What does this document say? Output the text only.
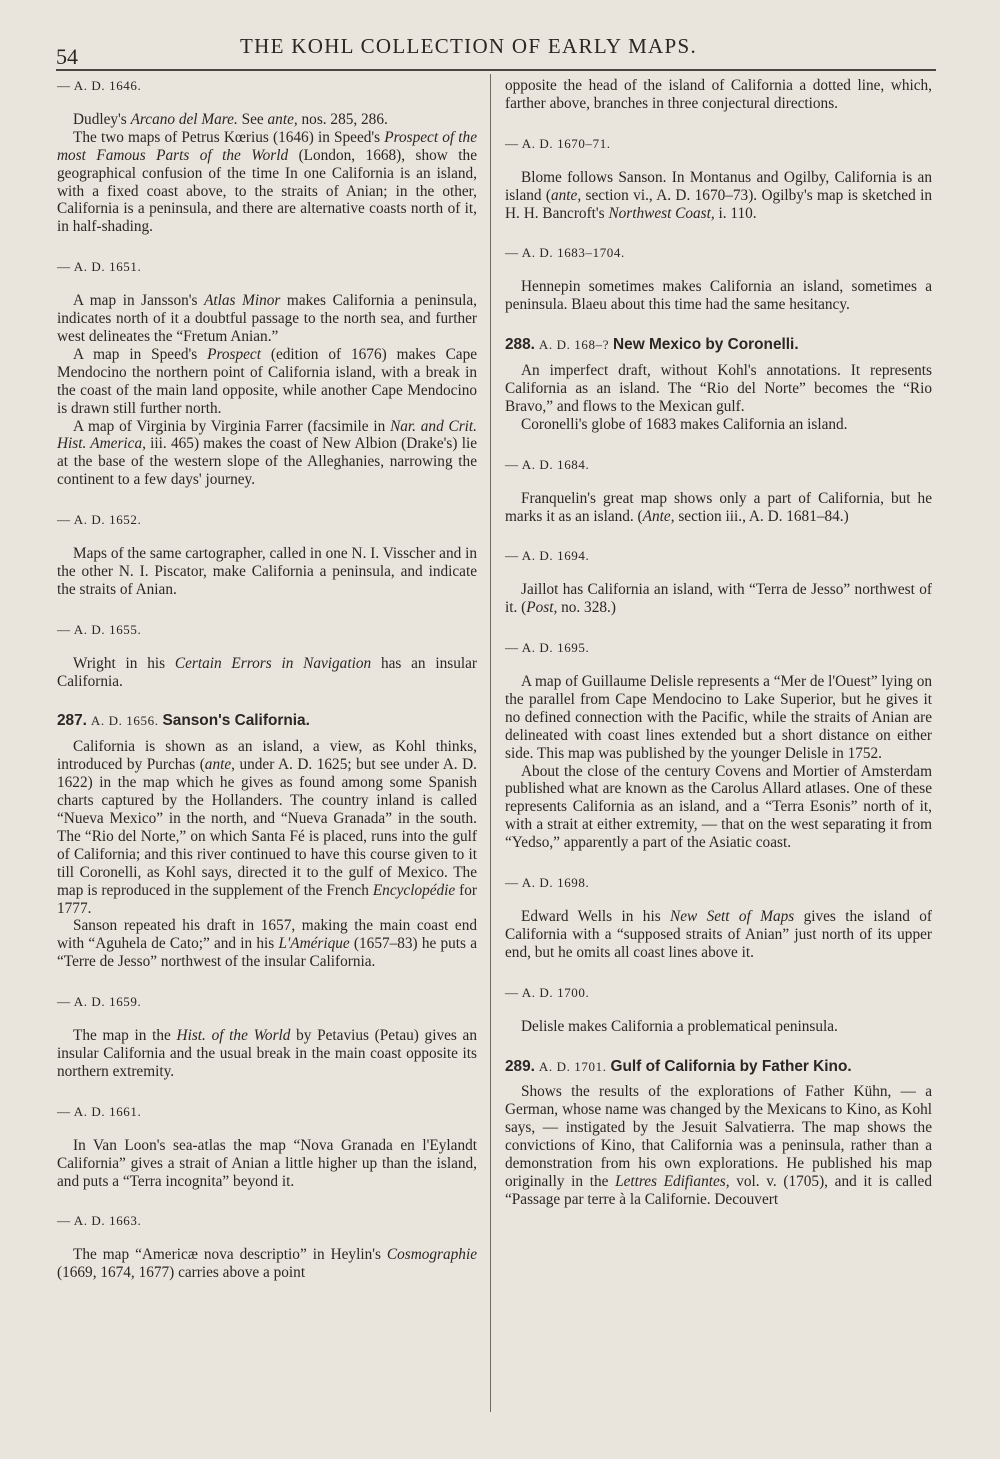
54	THE KOHL COLLECTION OF EARLY MAPS.

— A. D. 1646.

Dudley's Arcano del Mare. See ante, nos. 285, 286.

The two maps of Petrus Kœrius (1646) in Speed's Prospect of the most Famous Parts of the World (London, 1668), show the geographical confusion of the time In one California is an island, with a fixed coast above, to the straits of Anian; in the other, California is a peninsula, and there are alternative coasts north of it, in half-shading.

— A. D. 1651.

A map in Jansson's Atlas Minor makes California a peninsula, indicates north of it a doubtful passage to the north sea, and further west delineates the “Fretum Anian.”

A map in Speed's Prospect (edition of 1676) makes Cape Mendocino the northern point of California island, with a break in the coast of the main land opposite, while another Cape Mendocino is drawn still further north.

A map of Virginia by Virginia Farrer (facsimile in Nar. and Crit. Hist. America, iii. 465) makes the coast of New Albion (Drake's) lie at the base of the western slope of the Alleghanies, narrowing the continent to a few days' journey.

— A. D. 1652.

Maps of the same cartographer, called in one N. I. Visscher and in the other N. I. Piscator, make California a peninsula, and indicate the straits of Anian.

— A. D. 1655.

Wright in his Certain Errors in Navigation has an insular California.

287. A. D. 1656. Sanson's California.

California is shown as an island, a view, as Kohl thinks, introduced by Purchas (ante, under A. D. 1625; but see under A. D. 1622) in the map which he gives as found among some Spanish charts captured by the Hollanders. The country inland is called “Nueva Mexico” in the north, and “Nueva Granada” in the south. The “Rio del Norte,” on which Santa Fé is placed, runs into the gulf of California; and this river continued to have this course given to it till Coronelli, as Kohl says, directed it to the gulf of Mexico. The map is reproduced in the supplement of the French Encyclopédie for 1777.

Sanson repeated his draft in 1657, making the main coast end with “Aguhela de Cato;” and in his L'Amérique (1657–83) he puts a “Terre de Jesso” northwest of the insular California.

— A. D. 1659.

The map in the Hist. of the World by Petavius (Petau) gives an insular California and the usual break in the main coast opposite its northern extremity.

— A. D. 1661.

In Van Loon's sea-atlas the map “Nova Granada en l'Eylandt California” gives a strait of Anian a little higher up than the island, and puts a “Terra incognita” beyond it.

— A. D. 1663.

The map “Americæ nova descriptio” in Heylin's Cosmographie (1669, 1674, 1677) carries above a point

opposite the head of the island of California a dotted line, which, farther above, branches in three conjectural directions.

— A. D. 1670–71.

Blome follows Sanson. In Montanus and Ogilby, California is an island (ante, section vi., A. D. 1670–73). Ogilby's map is sketched in H. H. Bancroft's Northwest Coast, i. 110.

— A. D. 1683–1704.

Hennepin sometimes makes California an island, sometimes a peninsula. Blaeu about this time had the same hesitancy.

288. A. D. 168–? New Mexico by Coronelli.

An imperfect draft, without Kohl's annotations. It represents California as an island. The “Rio del Norte” becomes the “Rio Bravo,” and flows to the Mexican gulf.

Coronelli's globe of 1683 makes California an island.

— A. D. 1684.

Franquelin's great map shows only a part of California, but he marks it as an island. (Ante, section iii., A. D. 1681–84.)

— A. D. 1694.

Jaillot has California an island, with “Terra de Jesso” northwest of it. (Post, no. 328.)

— A. D. 1695.

A map of Guillaume Delisle represents a “Mer de l'Ouest” lying on the parallel from Cape Mendocino to Lake Superior, but he gives it no defined connection with the Pacific, while the straits of Anian are delineated with coast lines extended but a short distance on either side. This map was published by the younger Delisle in 1752.

About the close of the century Covens and Mortier of Amsterdam published what are known as the Carolus Allard atlases. One of these represents California as an island, and a “Terra Esonis” north of it, with a strait at either extremity, — that on the west separating it from “Yedso,” apparently a part of the Asiatic coast.

— A. D. 1698.

Edward Wells in his New Sett of Maps gives the island of California with a “supposed straits of Anian” just north of its upper end, but he omits all coast lines above it.

— A. D. 1700.

Delisle makes California a problematical peninsula.

289. A. D. 1701. Gulf of California by Father Kino.

Shows the results of the explorations of Father Kühn, — a German, whose name was changed by the Mexicans to Kino, as Kohl says, — instigated by the Jesuit Salvatierra. The map shows the convictions of Kino, that California was a peninsula, rather than a demonstration from his own explorations. He published his map originally in the Lettres Edifiantes, vol. v. (1705), and it is called “Passage par terre à la Californie. Decouvert
